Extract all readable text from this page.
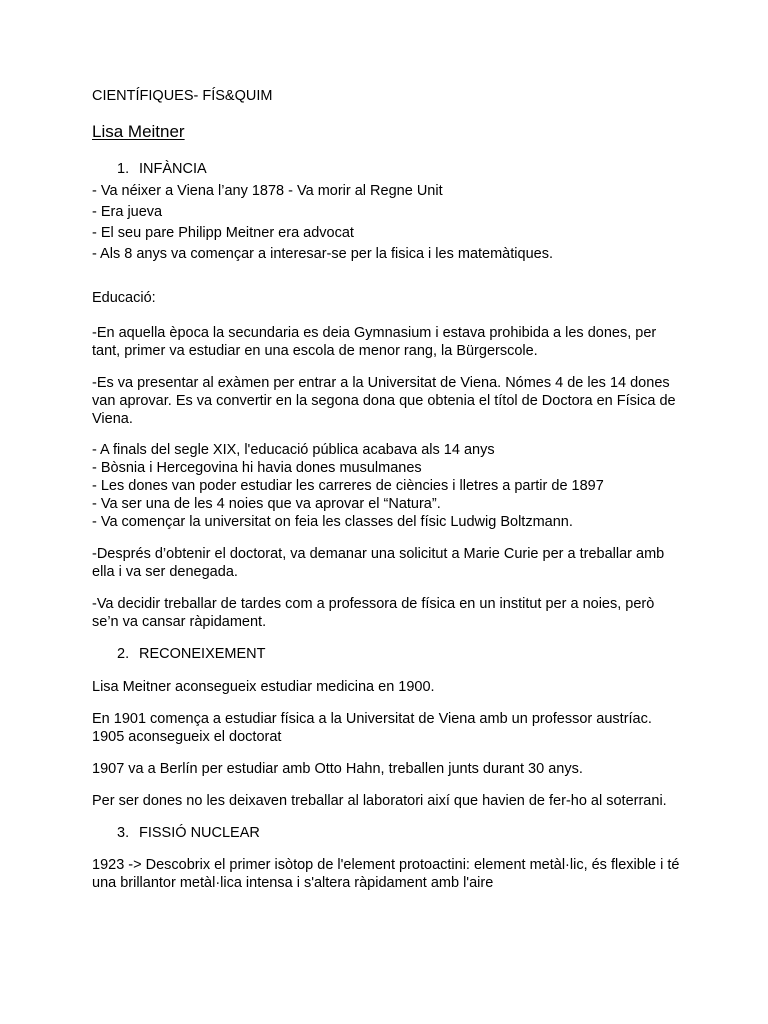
CIENTÍFIQUES- FÍS&QUIM

Lisa Meitner

1. INFÀNCIA

- Va néixer a Viena l’any 1878 - Va morir al Regne Unit
- Era jueva
- El seu pare Philipp Meitner era advocat
- Als 8 anys va començar a interesar-se per la fisica i les matemàtiques.

Educació:

-En aquella època la secundaria es deia Gymnasium i estava prohibida a les dones, per tant, primer va estudiar en una escola de menor rang, la Bürgerscole.

-Es va presentar al exàmen per entrar a la Universitat de Viena. Nómes 4 de les 14 dones van aprovar. Es va convertir en la segona dona que obtenia el títol de Doctora en Física de Viena.

- A finals del segle XIX, l'educació pública acabava als 14 anys
- Bòsnia i Hercegovina hi havia dones musulmanes
- Les dones van poder estudiar les carreres de ciències i lletres a partir de 1897
- Va ser una de les 4 noies que va aprovar el “Natura”.
- Va començar la universitat on feia les classes del físic Ludwig Boltzmann.

-Després d’obtenir el doctorat, va demanar una solicitut a Marie Curie per a treballar amb ella i va ser denegada.

-Va decidir treballar de tardes com a professora de física en un institut per a noies, però se’n va cansar ràpidament.

2. RECONEIXEMENT

Lisa Meitner aconsegueix estudiar medicina en 1900.

En 1901 comença a estudiar física a la Universitat de Viena amb un professor austríac.
1905 aconsegueix el doctorat

1907 va a Berlín per estudiar amb Otto Hahn, treballen junts durant 30 anys.

Per ser dones no les deixaven treballar al laboratori així que havien de fer-ho al soterrani.

3. FISSIÓ NUCLEAR

1923 -> Descobrix el primer isòtop de l'element protoactini: element metàl·lic, és flexible i té una brillantor metàl·lica intensa i s'altera ràpidament amb l'aire
